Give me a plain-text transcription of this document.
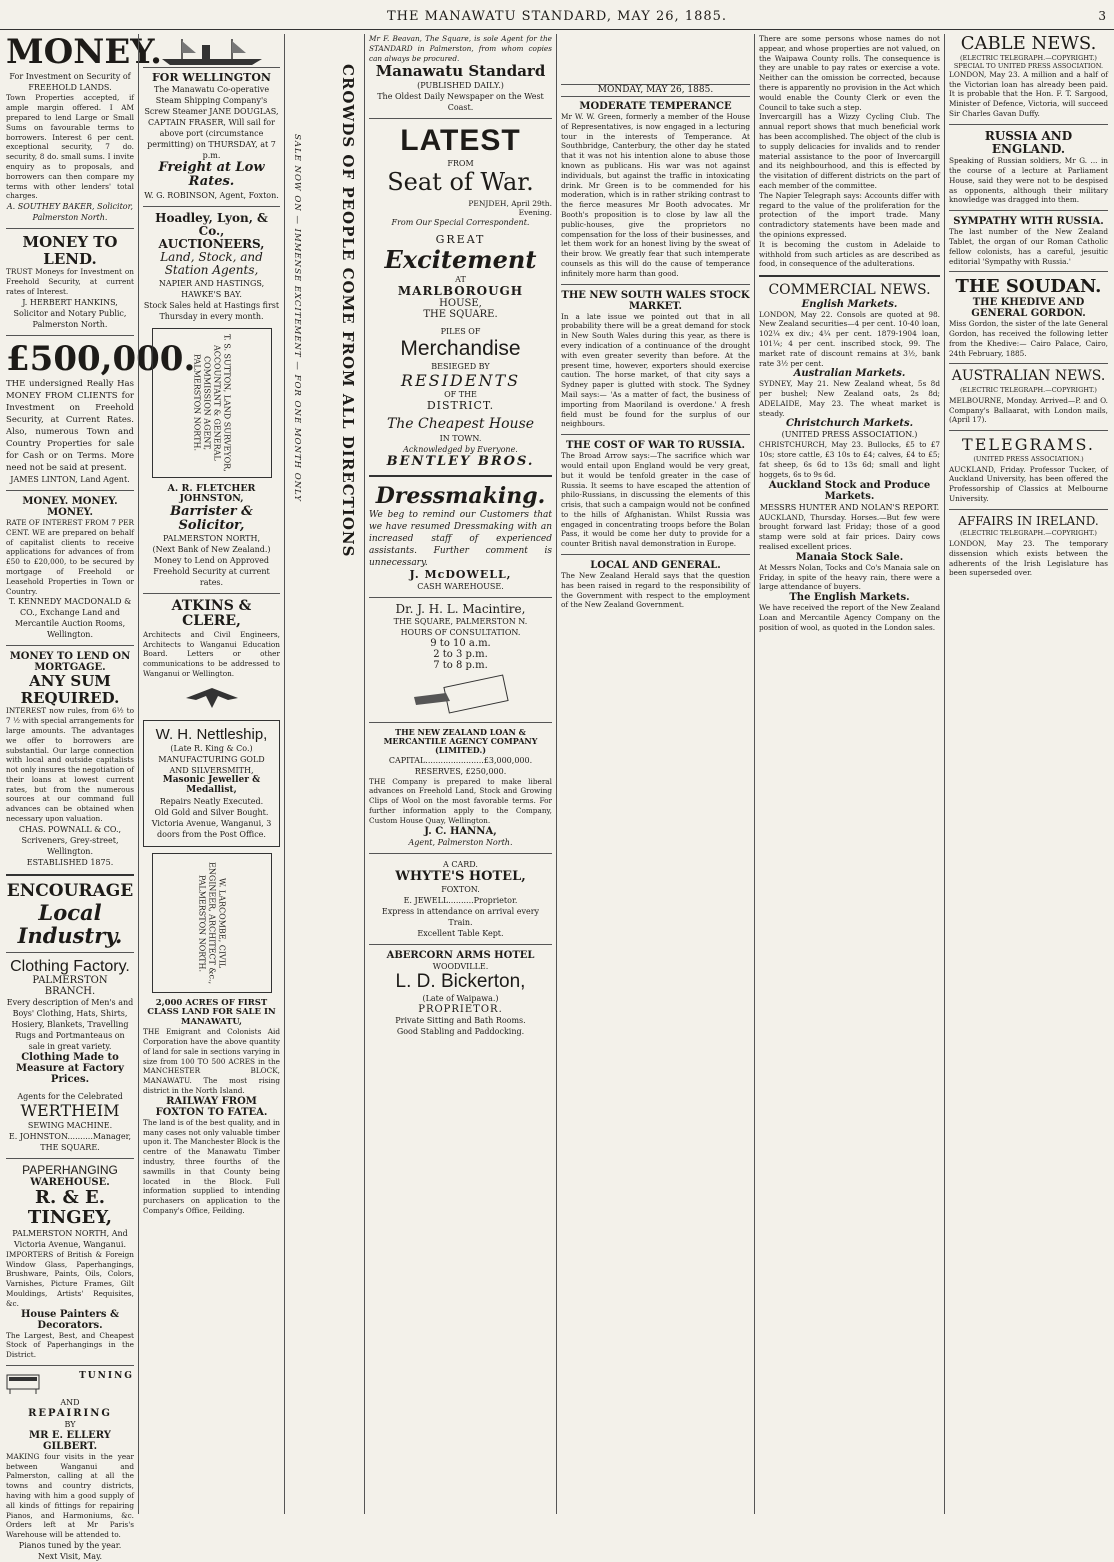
THE MANAWATU STANDARD, MAY 26, 1885.	3
MONEY.
For Investment on Security of FREEHOLD LANDS.
Town Properties accepted, if ample margin offered. I AM prepared to lend Large or Small Sums on favourable terms to borrowers. Interest 6 per cent. exceptional security, 7 do. security, 8 do. small sums. I invite enquiry as to proposals, and borrowers can then compare my terms with other lenders' total charges.
A. SOUTHEY BAKER, Solicitor, Palmerston North.
MONEY TO LEND.
TRUST Moneys for Investment on Freehold Security, at current rates of Interest.
J. HERBERT HANKINS, Solicitor and Notary Public, Palmerston North.
£500,000.
THE undersigned Really Has MONEY FROM CLIENTS for Investment on Freehold Security, at Current Rates. Also, numerous Town and Country Properties for sale for Cash or on Terms. More need not be said at present.
JAMES LINTON, Land Agent.
MONEY. MONEY. MONEY.
RATE OF INTEREST FROM 7 PER CENT. WE are prepared on behalf of capitalist clients to receive applications for advances of from £50 to £20,000, to be secured by mortgage of Freehold or Leasehold Properties in Town or Country.
T. KENNEDY MACDONALD & CO., Exchange Land and Mercantile Auction Rooms, Wellington.
MONEY TO LEND ON MORTGAGE.
ANY SUM REQUIRED.
INTEREST now rules, from 6½ to 7 ½ with special arrangements for large amounts. The advantages we offer to borrowers are substantial. Our large connection with local and outside capitalists not only insures the negotiation of their loans at lowest current rates, but from the numerous sources at our command full advances can be obtained when necessary upon valuation.
CHAS. POWNALL & CO., Scriveners, Grey-street, Wellington.
ESTABLISHED 1875.
ENCOURAGE
Local Industry.
Clothing Factory.
PALMERSTON BRANCH.
Every description of Men's and Boys' Clothing, Hats, Shirts, Hosiery, Blankets, Travelling Rugs and Portmanteaus on sale in great variety.
Clothing Made to Measure at Factory Prices.
Agents for the Celebrated
WERTHEIM
SEWING MACHINE.
E. JOHNSTON..........Manager,
THE SQUARE.
PAPERHANGING
WAREHOUSE.
R. & E. TINGEY,
PALMERSTON NORTH, And Victoria Avenue, Wanganui.
IMPORTERS of British & Foreign Window Glass, Paperhangings, Brushware, Paints, Oils, Colors, Varnishes, Picture Frames, Gilt Mouldings, Artists' Requisites, &c.
House Painters & Decorators.
The Largest, Best, and Cheapest Stock of Paperhangings in the District.
TUNING
AND
REPAIRING
BY
MR E. ELLERY GILBERT.
MAKING four visits in the year between Wanganui and Palmerston, calling at all the towns and country districts, having with him a good supply of all kinds of fittings for repairing Pianos, and Harmoniums, &c. Orders left at Mr Paris's Warehouse will be attended to.
Pianos tuned by the year.
Next Visit, May.
FOR WELLINGTON
The Manawatu Co-operative Steam Shipping Company's Screw Steamer JANE DOUGLAS, CAPTAIN FRASER, Will sail for above port (circumstance permitting) on THURSDAY, at 7 p.m.
Freight at Low Rates.
W. G. ROBINSON, Agent, Foxton.
Hoadley, Lyon, & Co.,
AUCTIONEERS,
Land, Stock, and Station Agents,
NAPIER AND HASTINGS, HAWKE'S BAY.
Stock Sales held at Hastings first Thursday in every month.
T. S. SUTTON, LAND SURVEYOR, ACCOUNTANT & GENERAL COMMISSION AGENT, PALMERSTON NORTH.
A. R. FLETCHER JOHNSTON,
Barrister & Solicitor,
PALMERSTON NORTH,
(Next Bank of New Zealand.)
Money to Lend on Approved Freehold Security at current rates.
ATKINS & CLERE,
Architects and Civil Engineers, Architects to Wanganui Education Board. Letters or other communications to be addressed to Wanganui or Wellington.
W. H. Nettleship,
(Late R. King & Co.)
MANUFACTURING GOLD AND SILVERSMITH,
Masonic Jeweller & Medallist,
Repairs Neatly Executed.
Old Gold and Silver Bought.
Victoria Avenue, Wanganui, 3 doors from the Post Office.
W. LARCOMBE, CIVIL ENGINEER, ARCHITECT &c., PALMERSTON NORTH.
2,000 ACRES OF FIRST CLASS LAND FOR SALE IN MANAWATU,
THE Emigrant and Colonists Aid Corporation have the above quantity of land for sale in sections varying in size from 100 TO 500 ACRES in the MANCHESTER BLOCK, MANAWATU. The most rising district in the North Island.
RAILWAY FROM FOXTON TO FATEA.
The land is of the best quality, and in many cases not only valuable timber upon it. The Manchester Block is the centre of the Manawatu Timber industry, three fourths of the sawmills in that County being located in the Block. Full information supplied to intending purchasers on application to the Company's Office, Feilding.
SALE NOW ON — IMMENSE EXCITEMENT — FOR ONE MONTH ONLY CROWDS OF PEOPLE COME FROM ALL DIRECTIONS
Mr F. Beavan, The Square, is sole Agent for the STANDARD in Palmerston, from whom copies can always be procured.
Manawatu Standard
(PUBLISHED DAILY.)
The Oldest Daily Newspaper on the West Coast.
LATEST
FROM
Seat of War.
PENJDEH, April 29th.
Evening.
From Our Special Correspondent.
GREAT
Excitement
AT
MARLBOROUGH
HOUSE,
THE SQUARE.
PILES OF
Merchandise
BESIEGED BY
RESIDENTS
OF THE
DISTRICT.
The Cheapest House
IN TOWN.
Acknowledged by Everyone.
BENTLEY BROS.
Dressmaking.
We beg to remind our Customers that we have resumed Dressmaking with an increased staff of experienced assistants. Further comment is unnecessary.
J. McDOWELL,
CASH WAREHOUSE.
Dr. J. H. L. Macintire,
THE SQUARE, PALMERSTON N.
HOURS OF CONSULTATION.
9 to 10 a.m.
2 to 3 p.m.
7 to 8 p.m.
THE NEW ZEALAND LOAN & MERCANTILE AGENCY COMPANY (LIMITED.)
CAPITAL.......................£3,000,000.
RESERVES, £250,000.
THE Company is prepared to make liberal advances on Freehold Land, Stock and Growing Clips of Wool on the most favorable terms. For further information apply to the Company, Custom House Quay, Wellington.
J. C. HANNA,
Agent, Palmerston North.
A CARD.
WHYTE'S HOTEL,
FOXTON.
E. JEWELL..........Proprietor.
Express in attendance on arrival every Train.
Excellent Table Kept.
ABERCORN ARMS HOTEL
WOODVILLE.
L. D. Bickerton,
(Late of Waipawa.)
PROPRIETOR.
Private Sitting and Bath Rooms.
Good Stabling and Paddocking.
MONDAY, MAY 26, 1885.
MODERATE TEMPERANCE
Mr W. W. Green, formerly a member of the House of Representatives, is now engaged in a lecturing tour in the interests of Temperance. At Southbridge, Canterbury, the other day he stated that it was not his intention alone to abuse those known as publicans. His war was not against individuals, but against the traffic in intoxicating drink. Mr Green is to be commended for his moderation, which is in rather striking contrast to the fierce measures Mr Booth advocates. Mr Booth's proposition is to close by law all the public-houses, give the proprietors no compensation for the loss of their businesses, and let them work for an honest living by the sweat of their brow. We greatly fear that such intemperate counsels as this will do the cause of temperance infinitely more harm than good.
THE NEW SOUTH WALES STOCK MARKET.
In a late issue we pointed out that in all probability there will be a great demand for stock in New South Wales during this year, as there is every indication of a continuance of the drought with even greater severity than before. At the present time, however, exporters should exercise caution. The horse market, of that city says a Sydney paper is glutted with stock. The Sydney Mail says:— 'As a matter of fact, the business of importing from Maoriland is overdone.' A fresh field must be found for the surplus of our neighbours.
THE COST OF WAR TO RUSSIA.
The Broad Arrow says:—The sacrifice which war would entail upon England would be very great, but it would be tenfold greater in the case of Russia. It seems to have escaped the attention of philo-Russians, in discussing the elements of this crisis, that such a campaign would not be confined to the hills of Afghanistan. Whilst Russia was engaged in concentrating troops before the Bolan Pass, it would be come her duty to provide for a counter British naval demonstration in Europe.
LOCAL AND GENERAL.
The New Zealand Herald says that the question has been raised in regard to the responsibility of the Government with respect to the employment of the New Zealand Government.
There are some persons whose names do not appear, and whose properties are not valued, on the Waipawa County rolls. The consequence is they are unable to pay rates or exercise a vote. Neither can the omission be corrected, because there is apparently no provision in the Act which would enable the County Clerk or even the Council to take such a step.
Invercargill has a Wizzy Cycling Club. The annual report shows that much beneficial work has been accomplished. The object of the club is to supply delicacies for invalids and to render material assistance to the poor of Invercargill and its neighbourhood, and this is effected by the visitation of different districts on the part of each member of the committee.
The Napier Telegraph says: Accounts differ with regard to the value of the proliferation for the protection of the import trade. Many contradictory statements have been made and the opinions expressed.
It is becoming the custom in Adelaide to withhold from such articles as are described as food, in consequence of the adulterations.
COMMERCIAL NEWS.
English Markets.
LONDON, May 22. Consols are quoted at 98. New Zealand securities—4 per cent. 10-40 loan, 102¼ ex div.; 4¼ per cent. 1879-1904 loan, 101¼; 4 per cent. inscribed stock, 99. The market rate of discount remains at 3½, bank rate 3½ per cent.
Australian Markets.
SYDNEY, May 21. New Zealand wheat, 5s 8d per bushel; New Zealand oats, 2s 8d; ADELAIDE, May 23. The wheat market is steady.
Christchurch Markets.
(UNITED PRESS ASSOCIATION.)
CHRISTCHURCH, May 23. Bullocks, £5 to £7 10s; store cattle, £3 10s to £4; calves, £4 to £5; fat sheep, 6s 6d to 13s 6d; small and light hoggets, 6s to 9s 6d.
Auckland Stock and Produce Markets.
MESSRS HUNTER AND NOLAN'S REPORT.
AUCKLAND, Thursday. Horses.—But few were brought forward last Friday; those of a good stamp were sold at fair prices. Dairy cows realised excellent prices.
Manaia Stock Sale.
At Messrs Nolan, Tocks and Co's Manaia sale on Friday, in spite of the heavy rain, there were a large attendance of buyers.
The English Markets.
We have received the report of the New Zealand Loan and Mercantile Agency Company on the position of wool, as quoted in the London sales.
CABLE NEWS.
(ELECTRIC TELEGRAPH.—COPYRIGHT.) SPECIAL TO UNITED PRESS ASSOCIATION.
LONDON, May 23. A million and a half of the Victorian loan has already been paid. It is probable that the Hon. F. T. Sargood, Minister of Defence, Victoria, will succeed Sir Charles Gavan Duffy.
RUSSIA AND ENGLAND.
Speaking of Russian soldiers, Mr G. ... in the course of a lecture at Parliament House, said they were not to be despised as opponents, although their military knowledge was dragged into them.
SYMPATHY WITH RUSSIA.
The last number of the New Zealand Tablet, the organ of our Roman Catholic fellow colonists, has a careful, jesuitic editorial 'Sympathy with Russia.'
THE SOUDAN.
THE KHEDIVE AND GENERAL GORDON.
Miss Gordon, the sister of the late General Gordon, has received the following letter from the Khedive:— Cairo Palace, Cairo, 24th February, 1885.
AUSTRALIAN NEWS.
(ELECTRIC TELEGRAPH.—COPYRIGHT.)
MELBOURNE, Monday. Arrived—P. and O. Company's Ballaarat, with London mails, (April 17).
TELEGRAMS.
(UNITED PRESS ASSOCIATION.)
AUCKLAND, Friday. Professor Tucker, of Auckland University, has been offered the Professorship of Classics at Melbourne University.
AFFAIRS IN IRELAND.
(ELECTRIC TELEGRAPH.—COPYRIGHT.)
LONDON, May 23. The temporary dissension which exists between the adherents of the Irish Legislature has been superseded over.
